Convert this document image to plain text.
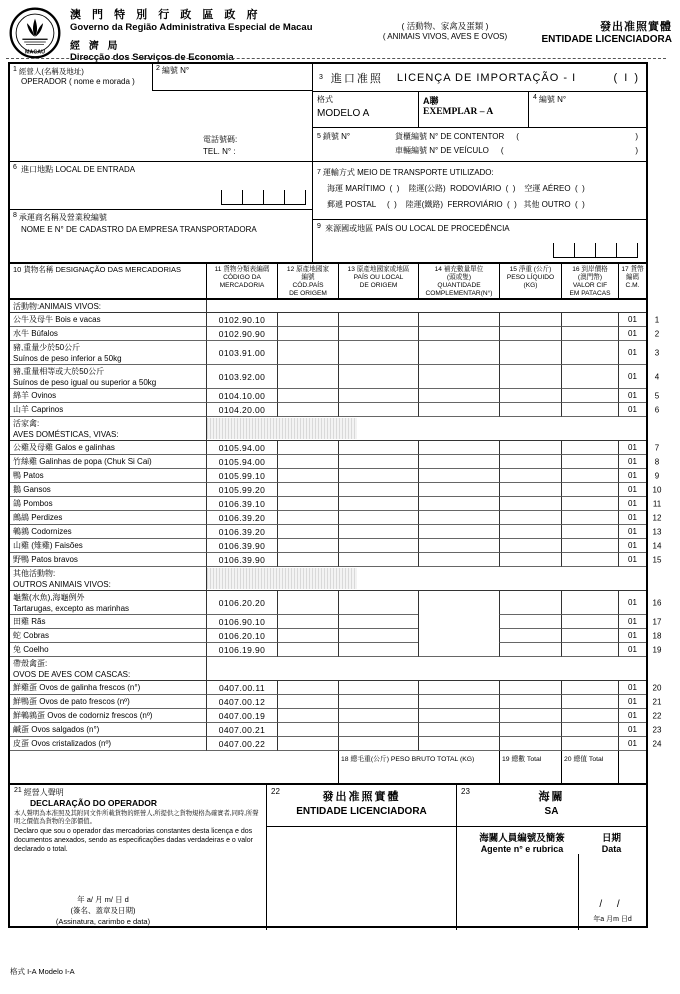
MACAU
澳 門 特 別 行 政 區 政 府
Governo da Região Administrativa Especial de Macau
經 濟 局
Direcção dos Serviços de Economia
( 活動物、家禽及蛋類 )
( ANIMAIS VIVOS, AVES E OVOS)
發出准照實體
ENTIDADE LICENCIADORA
1 經營人(名稱及地址)
OPERADOR ( nome e morada )
2 編號 N°
電話號碼:
TEL. N° :
6 進口地點 LOCAL DE ENTRADA
8 承運商名稱及營業稅編號
NOME E N° DE CADASTRO DA EMPRESA TRANSPORTADORA
3 進口准照 LICENÇA DE IMPORTAÇÃO - I	( I )
格式
MODELO A
A聯
EXEMPLAR – A
4 編號 N°
5 鎖號 N°	貨櫃編號 N° DE CONTENTOR (	)
車輛編號 N° DE VEÍCULO (	)
7 運輸方式 MEIO DE TRANSPORTE UTILIZADO:
海運 MARÍTIMO  (  )    陸運(公路)  RODOVIÁRIO  (  )    空運 AÉREO  (  )
郵遞 POSTAL     (  )    陸運(鐵路)  FERROVIÁRIO  (  )   其他 OUTRO  (  )
9 來源國或地區 PAÍS OU LOCAL DE PROCEDÊNCIA
10 貨物名稱 DESIGNAÇÃO DAS MERCADORIAS	11 貨物分類表編碼
CÓDIGO DA
MERCADORIA
12 原產地國家
編號
CÓD.PAÍS
DE ORIGEM
13 原產地國家或地區
PAÍS OU LOCAL
DE ORIGEM
14 補充數量單位
(頭或隻)
QUANTIDADE
COMPLEMENTAR(N°)
15 淨重 (公斤)
PESO LÍQUIDO
(KG)
16 到岸價格
(澳門幣)
VALOR CIF
EM PATACAS
17 貨幣
編碼
C.M.
活動物:ANIMAIS VIVOS:
公牛及母牛 Bois e vacas	0102.90.10	01	1
水牛 Búfalos	0102.90.90	01	2
豬,重量少於50公斤
Suínos de peso inferior a 50kg
0103.91.00	01	3
豬,重量相等或大於50公斤
Suínos de peso igual ou superior a 50kg
0103.92.00	01	4
綿羊 Ovinos	0104.10.00	01	5
山羊 Caprinos	0104.20.00	01	6
活家禽:
AVES DOMÉSTICAS, VIVAS:
公雞及母雞 Galos e galinhas	0105.94.00	01	7
竹絲雞 Galinhas de popa (Chuk Si Cai)	0105.94.00	01	8
鴨 Patos	0105.99.10	01	9
鵝 Gansos	0105.99.20	01	10
鴿 Pombos	0106.39.10	01	11
鷓鴣 Perdizes	0106.39.20	01	12
鵪鶉 Codornizes	0106.39.20	01	13
山雞 (雉雞) Faisões	0106.39.90	01	14
野鴨 Patos bravos	0106.39.90	01	15
其他活動物:
OUTROS ANIMAIS VIVOS:
龜鱉(水魚),海龜例外
Tartarugas, excepto as marinhas
0106.20.20	01	16
田雞 Rãs	0106.90.10	01	17
蛇 Cobras	0106.20.10	01	18
兔 Coelho	0106.19.90	01	19
帶殼禽蛋:
OVOS DE AVES COM CASCAS:
鮮雞蛋 Ovos de galinha frescos (n°)	0407.00.11	01	20
鮮鴨蛋 Ovos de pato frescos (nº)	0407.00.12	01	21
鮮鵪鶉蛋 Ovos de codorniz frescos (nº)	0407.00.19	01	22
鹹蛋 Ovos salgados (n°)	0407.00.21	01	23
皮蛋 Ovos cristalizados (nº)	0407.00.22	01	24
18 總毛重(公斤) PESO BRUTO TOTAL (KG)	19 總數 Total	20 總值 Total
21 經營人聲明
DECLARAÇÃO DO OPERADOR
本人聲明為本准照及其附同文件所載貨物的經營人,所提供之貨物規格為確實者,同時,所聲明之價值為貨物的全部價值。
Declaro que sou o operador das mercadorias constantes desta licença e dos documentos anexados, sendo as especificações dadas verdadeiras e o valor declarado o total.
年 a/ 月 m/ 日 d
(簽名、蓋章及日期)
(Assinatura, carimbo e data)
22	發出准照實體
ENTIDADE LICENCIADORA
23	海關
SA
海關人員編號及簡簽
Agente n° e rubrica
日期
Data
/ /
年a 月m 日d
格式 I-A Modelo I-A
